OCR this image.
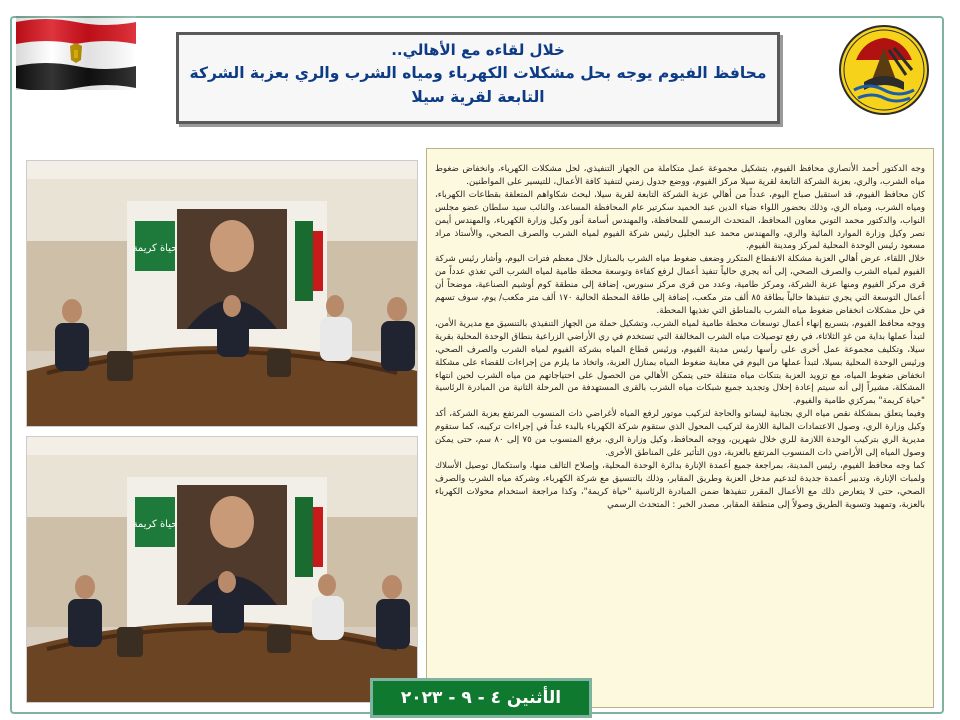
خلال لقاءه مع الأهالي..
محافظ الفيوم يوجه بحل مشكلات الكهرباء ومياه الشرب والري بعزبة الشركة التابعة لقرية سيلا
حياة كريمة
حياة كريمة

وجه الدكتور أحمد الأنصاري محافظ الفيوم، بتشكيل مجموعة عمل متكاملة من الجهاز التنفيذي، لحل مشكلات الكهرباء، وانخفاض ضغوط مياه الشرب، والري، بعزبة الشركة التابعة لقرية سيلا مركز الفيوم، ووضع جدول زمني لتنفيذ كافة الأعمال، للتيسير على المواطنين.

كان محافظ الفيوم، قد استقبل صباح اليوم، عدداً من أهالي عزبة الشركة التابعة لقرية سيلا، لبحث شكاواهم المتعلقة بقطاعات الكهرباء، ومياه الشرب، ومياه الري، وذلك بحضور اللواء ضياء الدين عبد الحميد سكرتير عام المحافظة المساعد، والنائب سيد سلطان عضو مجلس النواب، والدكتور محمد التوني معاون المحافظ، المتحدث الرسمي للمحافظة، والمهندس أسامة أنور وكيل وزارة الكهرباء، والمهندس أيمن نصر وكيل وزارة الموارد المائية والري، والمهندس محمد عبد الجليل رئيس شركة الفيوم لمياه الشرب والصرف الصحي، والأستاذ مراد مسعود رئيس الوحدة المحلية لمركز ومدينة الفيوم.

خلال اللقاء، عرض أهالي العزبة مشكلة الانقطاع المتكرر وضعف ضغوط مياه الشرب بالمنازل خلال معظم فترات اليوم، وأشار رئيس شركة الفيوم لمياه الشرب والصرف الصحي، إلى أنه يجري حالياً تنفيذ أعمال لرفع كفاءة وتوسعة محطة طامية لمياه الشرب التي تغذي عدداً من قرى مركز الفيوم ومنها عزبة الشركة، ومركز طامية، وعدد من قرى مركز سنورس، إضافة إلى منطقة كوم أوشيم الصناعية، موضحاً أن أعمال التوسعة التي يجري تنفيذها حالياً بطاقة ٨٥ ألف متر مكعب، إضافة إلى طاقة المحطة الحالية ١٧٠ ألف متر مكعب/ يوم، سوف تسهم في حل مشكلات انخفاض ضغوط مياه الشرب بالمناطق التي تغذيها المحطة.

ووجه محافظ الفيوم، بتسريع إنهاء أعمال توسعات محطة طامية لمياه الشرب، وتشكيل حملة من الجهاز التنفيذي بالتنسيق مع مديرية الأمن، لتبدأ عملها بداية من غدٍ الثلاثاء، في رفع توصيلات مياه الشرب المخالفة التي تستخدم في ري الأراضي الزراعية بنطاق الوحدة المحلية بقرية سيلا، وتكليف مجموعة عمل أخرى على رأسها رئيس مدينة الفيوم، ورئيس قطاع المياه بشركة الفيوم لمياه الشرب والصرف الصحي، ورئيس الوحدة المحلية بسيلا، لتبدأ عملها من اليوم في معاينة ضغوط المياه بمنازل العزبة، واتخاذ ما يلزم من إجراءات للقضاء على مشكلة انخفاض ضغوط المياه، مع تزويد العزبة بتنكات مياه متنقلة حتى يتمكن الأهالي من الحصول على احتياجاتهم من مياه الشرب لحين انتهاء المشكلة، مشيراً إلى أنه سيتم إعادة إحلال وتجديد جميع شبكات مياه الشرب بالقرى المستهدفة من المرحلة الثانية من المبادرة الرئاسية "حياة كريمة" بمركزي طامية والفيوم.

وفيما يتعلق بمشكلة نقص مياه الري بجنابية ليساتو والحاجة لتركيب موتور لرفع المياه لأغراضي ذات المنسوب المرتفع بعزبة الشركة، أكد وكيل وزارة الري، وصول الاعتمادات المالية اللازمة لتركيب المحول الذي ستقوم شركة الكهرباء بالبدء غداً في إجراءات تركيبه، كما ستقوم مديرية الري بتركيب الوحدة اللازمة للري خلال شهرين، ووجه المحافظ، وكيل وزارة الري، برفع المنسوب من ٧٥ إلى ٨٠ سم، حتى يمكن وصول المياه إلى الأراضي ذات المنسوب المرتفع بالعزبة، دون التأثير على المناطق الأخرى.

كما وجه محافظ الفيوم، رئيس المدينة، بمراجعة جميع أعمدة الإنارة بدائرة الوحدة المحلية، وإصلاح التالف منها، واستكمال توصيل الأسلاك ولمبات الإنارة، وتدبير أعمدة جديدة لتدعيم مدخل العزبة وطريق المقابر، وذلك بالتنسيق مع شركة الكهرباء، وشركة مياه الشرب والصرف الصحي، حتى لا يتعارض ذلك مع الأعمال المقرر تنفيذها ضمن المبادرة الرئاسية "حياة كريمة"، وكذا مراجعة استخدام محولات الكهرباء بالعزبة، وتمهيد وتسوية الطريق وصولاً إلى منطقة المقابر. مصدر الخبر : المتحدث الرسمي

الأثنين ٤ - ٩ - ٢٠٢٣
